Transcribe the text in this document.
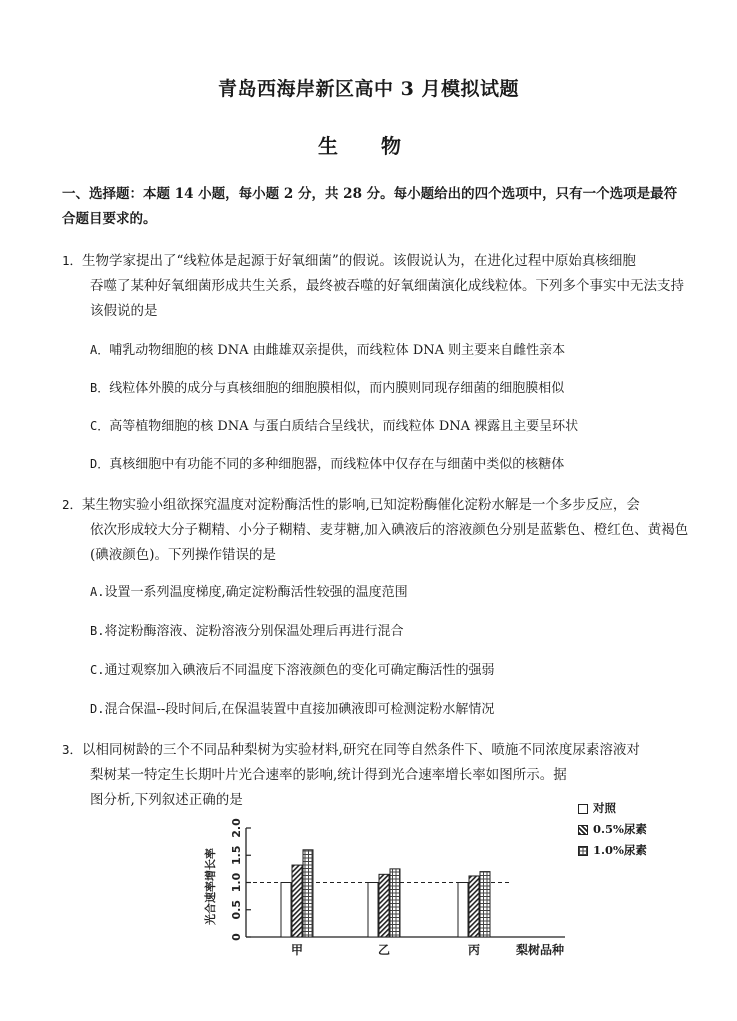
青岛西海岸新区高中 3 月模拟试题
生 物
一、选择题：本题 14 小题，每小题 2 分，共 28 分。每小题给出的四个选项中，只有一个选项是最符合题目要求的。
1．生物学家提出了“线粒体是起源于好氧细菌”的假说。该假说认为，在进化过程中原始真核细胞
吞噬了某种好氧细菌形成共生关系，最终被吞噬的好氧细菌演化成线粒体。下列多个事实中无法支持该假说的是
A．哺乳动物细胞的核 DNA 由雌雄双亲提供，而线粒体 DNA 则主要来自雌性亲本
B．线粒体外膜的成分与真核细胞的细胞膜相似，而内膜则同现存细菌的细胞膜相似
C．高等植物细胞的核 DNA 与蛋白质结合呈线状，而线粒体 DNA 裸露且主要呈环状
D．真核细胞中有功能不同的多种细胞器，而线粒体中仅存在与细菌中类似的核糖体
2．某生物实验小组欲探究温度对淀粉酶活性的影响,已知淀粉酶催化淀粉水解是一个多步反应，会
依次形成较大分子糊精、小分子糊精、麦芽糖,加入碘液后的溶液颜色分别是蓝紫色、橙红色、黄褐色(碘液颜色)。下列操作错误的是
A.设置一系列温度梯度,确定淀粉酶活性较强的温度范围
B.将淀粉酶溶液、淀粉溶液分别保温处理后再进行混合
C.通过观察加入碘液后不同温度下溶液颜色的变化可确定酶活性的强弱
D.混合保温--段时间后,在保温装置中直接加碘液即可检测淀粉水解情况
3．以相同树龄的三个不同品种梨树为实验材料,研究在同等自然条件下、喷施不同浓度尿素溶液对
梨树某一特定生长期叶片光合速率的影响,统计得到光合速率增长率如图所示。据图分析,下列叙述正确的是	对照
0.5%尿素
1.0%尿素
0
0.5
1.0
1.5
2.0
光合速率增长率
甲	乙	丙	梨树品种
